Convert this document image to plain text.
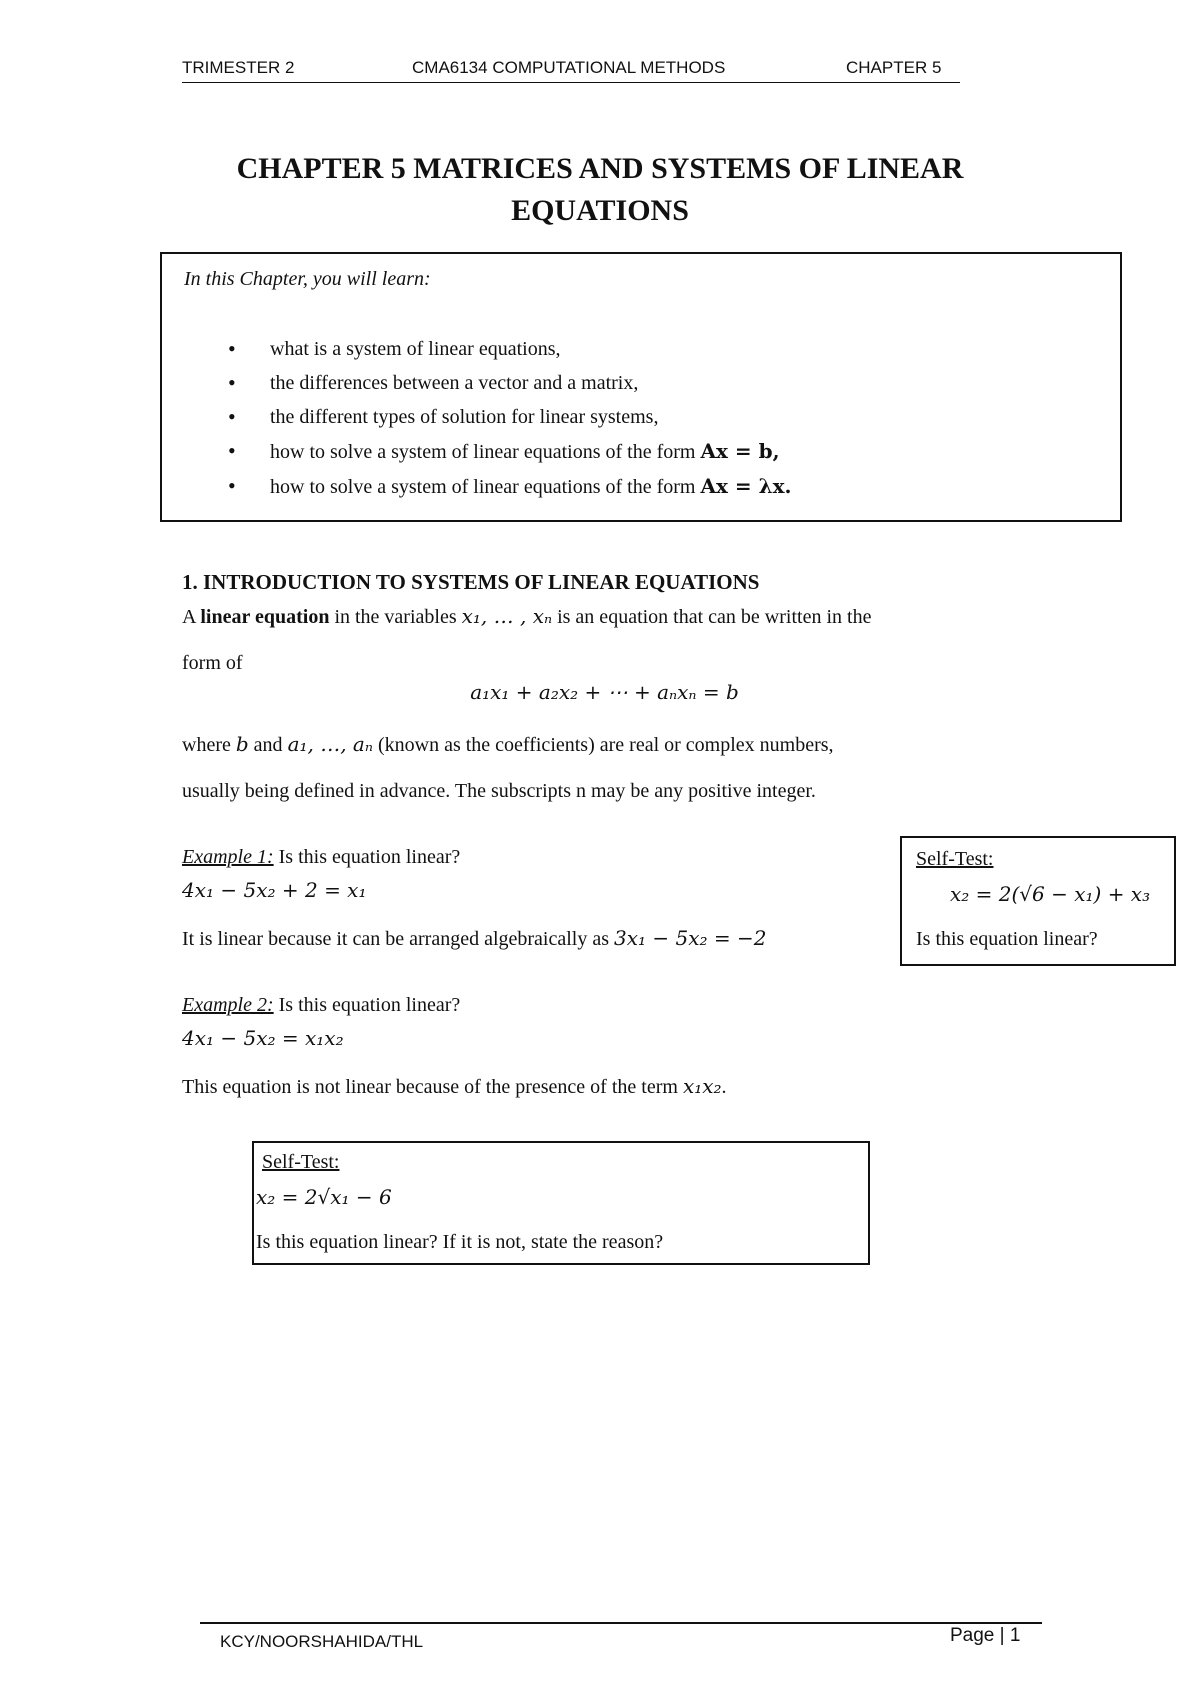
TRIMESTER 2	CMA6134 COMPUTATIONAL METHODS	CHAPTER 5
CHAPTER 5 MATRICES AND SYSTEMS OF LINEAR
EQUATIONS
In this Chapter, you will learn:
• what is a system of linear equations,
• the differences between a vector and a matrix,
• the different types of solution for linear systems,
• how to solve a system of linear equations of the form Ax = b,
• how to solve a system of linear equations of the form Ax = λx.
1. INTRODUCTION TO SYSTEMS OF LINEAR EQUATIONS
A linear equation in the variables x₁, … , xₙ is an equation that can be written in the
form of
a₁x₁ + a₂x₂ + ⋯ + aₙxₙ = b
where b and a₁, …, aₙ (known as the coefficients) are real or complex numbers,
usually being defined in advance. The subscripts n may be any positive integer.
Example 1: Is this equation linear?
4x₁ − 5x₂ + 2 = x₁
It is linear because it can be arranged algebraically as 3x₁ − 5x₂ = −2
Self-Test:
x₂ = 2(√6 − x₁) + x₃
Is this equation linear?
Example 2: Is this equation linear?
4x₁ − 5x₂ = x₁x₂
This equation is not linear because of the presence of the term x₁x₂.
Self-Test:
x₂ = 2√x₁ − 6
Is this equation linear? If it is not, state the reason?
KCY/NOORSHAHIDA/THL	Page | 1
